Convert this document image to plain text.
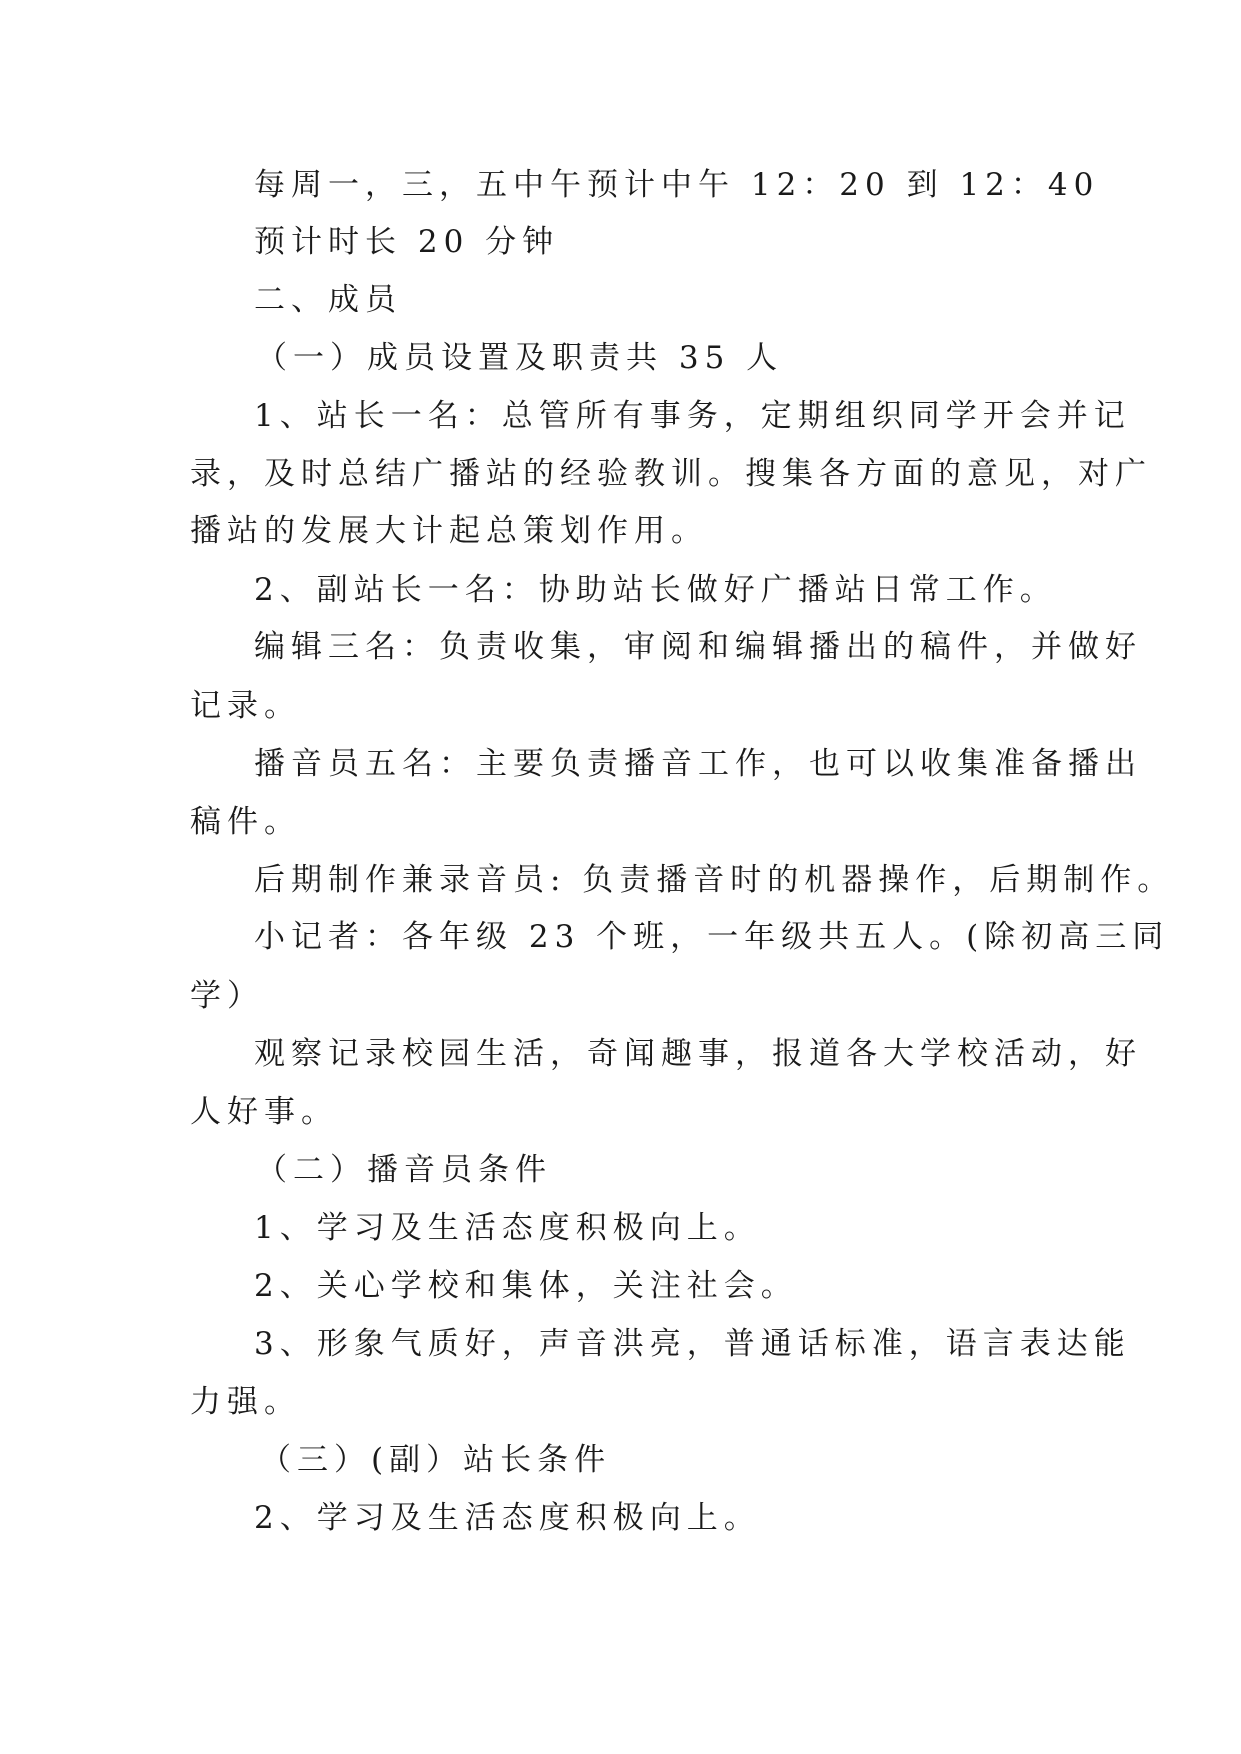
每周一，三，五中午预计中午 12：20 到 12：40
预计时长 20 分钟
二、成员
（一）成员设置及职责共 35 人
1、站长一名：总管所有事务，定期组织同学开会并记
录，及时总结广播站的经验教训。搜集各方面的意见，对广
播站的发展大计起总策划作用。
2、副站长一名：协助站长做好广播站日常工作。
编辑三名：负责收集，审阅和编辑播出的稿件，并做好
记录。
播音员五名：主要负责播音工作，也可以收集准备播出
稿件。
后期制作兼录音员: 负责播音时的机器操作，后期制作。
小记者：各年级 23 个班，一年级共五人。(除初高三同
学）
观察记录校园生活，奇闻趣事，报道各大学校活动，好
人好事。
（二）播音员条件
1、学习及生活态度积极向上。
2、关心学校和集体，关注社会。
3、形象气质好，声音洪亮，普通话标准，语言表达能
力强。
（三）(副）站长条件
2、学习及生活态度积极向上。
